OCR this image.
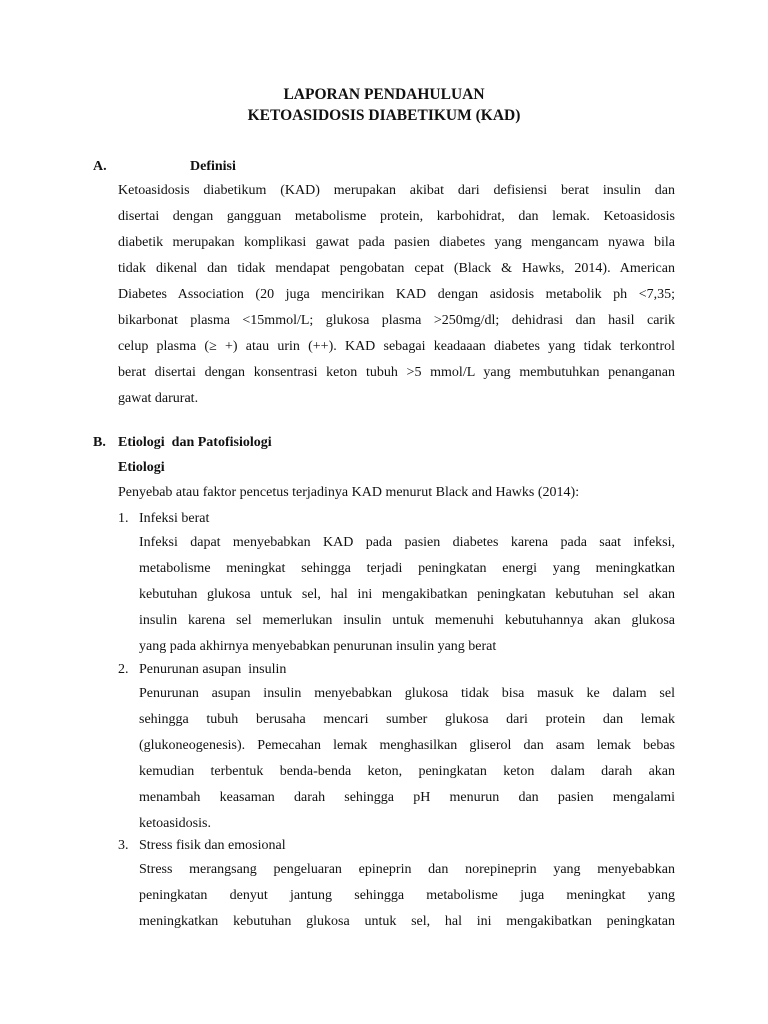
LAPORAN PENDAHULUAN
KETOASIDOSIS DIABETIKUM (KAD)
A.	Definisi
Ketoasidosis diabetikum (KAD) merupakan akibat dari defisiensi berat insulin dan
disertai dengan gangguan metabolisme protein, karbohidrat, dan lemak. Ketoasidosis
diabetik merupakan komplikasi gawat pada pasien diabetes yang mengancam nyawa bila
tidak dikenal dan tidak mendapat pengobatan cepat (Black & Hawks, 2014). American
Diabetes Association (20 juga mencirikan KAD dengan asidosis metabolik ph <7,35;
bikarbonat plasma <15mmol/L; glukosa plasma >250mg/dl; dehidrasi dan hasil carik
celup plasma (≥ +) atau urin (++). KAD sebagai keadaaan diabetes yang tidak terkontrol
berat disertai dengan konsentrasi keton tubuh >5 mmol/L yang membutuhkan penanganan
gawat darurat.
B. Etiologi  dan Patofisiologi
Etiologi
Penyebab atau faktor pencetus terjadinya KAD menurut Black and Hawks (2014):
1. Infeksi berat
Infeksi dapat menyebabkan KAD pada pasien diabetes karena pada saat infeksi,
metabolisme meningkat sehingga terjadi peningkatan energi yang meningkatkan
kebutuhan glukosa untuk sel, hal ini mengakibatkan peningkatan kebutuhan sel akan
insulin karena sel memerlukan insulin untuk memenuhi kebutuhannya akan glukosa
yang pada akhirnya menyebabkan penurunan insulin yang berat
2. Penurunan asupan  insulin
Penurunan asupan insulin menyebabkan glukosa tidak bisa masuk ke dalam sel
sehingga tubuh berusaha mencari sumber glukosa dari protein dan lemak
(glukoneogenesis). Pemecahan lemak menghasilkan gliserol dan asam lemak bebas
kemudian terbentuk benda-benda keton, peningkatan keton dalam darah akan
menambah keasaman darah sehingga pH menurun dan pasien mengalami
ketoasidosis.
3. Stress fisik dan emosional
Stress merangsang pengeluaran epineprin dan norepineprin yang menyebabkan
peningkatan denyut jantung sehingga metabolisme juga meningkat yang
meningkatkan kebutuhan glukosa untuk sel, hal ini mengakibatkan peningkatan
